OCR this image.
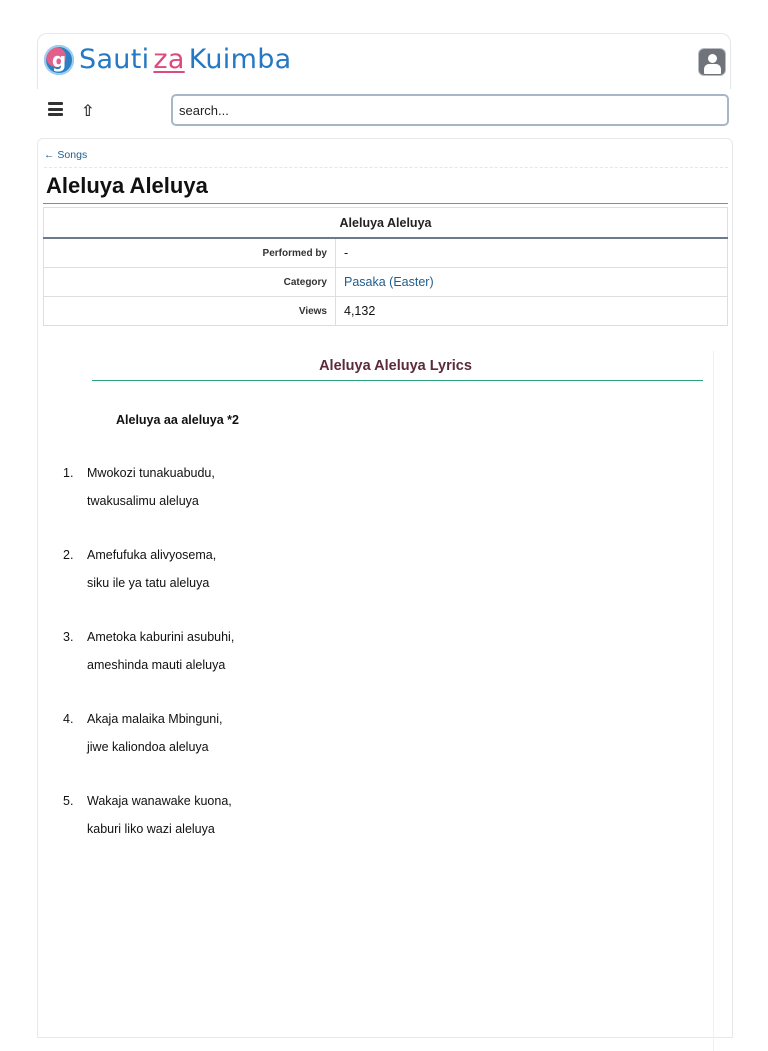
g Sauti za Kuimba
⇧
search...
← Songs
Aleluya Aleluya
Aleluya Aleluya	
Performed by	-
Category	Pasaka (Easter)
Views	4,132
Aleluya Aleluya Lyrics
Aleluya aa aleluya *2
1. Mwokozi tunakuabudu,
twakusalimu aleluya
2. Amefufuka alivyosema,
siku ile ya tatu aleluya
3. Ametoka kaburini asubuhi,
ameshinda mauti aleluya
4. Akaja malaika Mbinguni,
jiwe kaliondoa aleluya
5. Wakaja wanawake kuona,
kaburi liko wazi aleluya
